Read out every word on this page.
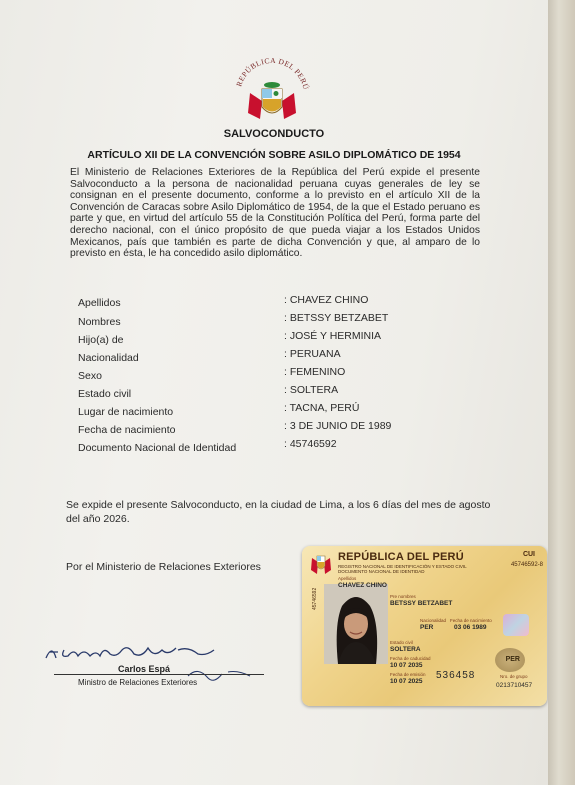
REPÚBLICA DEL PERÚ
SALVOCONDUCTO
ARTÍCULO XII DE LA CONVENCIÓN SOBRE ASILO DIPLOMÁTICO DE 1954
El Ministerio de Relaciones Exteriores de la República del Perú expide el presente Salvoconducto a la persona de nacionalidad peruana cuyas generales de ley se consignan en el presente documento, conforme a lo previsto en el artículo XII de la Convención de Caracas sobre Asilo Diplomático de 1954, de la que el Estado peruano es parte y que, en virtud del artículo 55 de la Constitución Política del Perú, forma parte del derecho nacional, con el único propósito de que pueda viajar a los Estados Unidos Mexicanos, país que también es parte de dicha Convención y que, al amparo de lo previsto en ésta, le ha concedido asilo diplomático.
Apellidos	: CHAVEZ CHINO
Nombres	: BETSSY BETZABET
Hijo(a) de	: JOSÉ Y HERMINIA
Nacionalidad	: PERUANA
Sexo	: FEMENINO
Estado civil	: SOLTERA
Lugar de nacimiento	: TACNA, PERÚ
Fecha de nacimiento	: 3 DE JUNIO DE 1989
Documento Nacional de Identidad	: 45746592
Se expide el presente Salvoconducto, en la ciudad de Lima, a los 6 días del mes de agosto del año 2026.
Por el Ministerio de Relaciones Exteriores
Carlos Espá
Ministro de Relaciones Exteriores
REPÚBLICA DEL PERÚ
REGISTRO NACIONAL DE IDENTIFICACIÓN Y ESTADO CIVIL
DOCUMENTO NACIONAL DE IDENTIDAD
CUI
45746592-8
45746592
Apellidos
CHAVEZ CHINO
Pre nombres
BETSSY BETZABET
Nacionalidad
PER
Fecha de nacimiento
03 06 1989
Estado civil
SOLTERA
Fecha de caducidad
10 07 2035
Fecha de emisión
10 07 2025
536458
PER
Nro. de grupo
0213710457
